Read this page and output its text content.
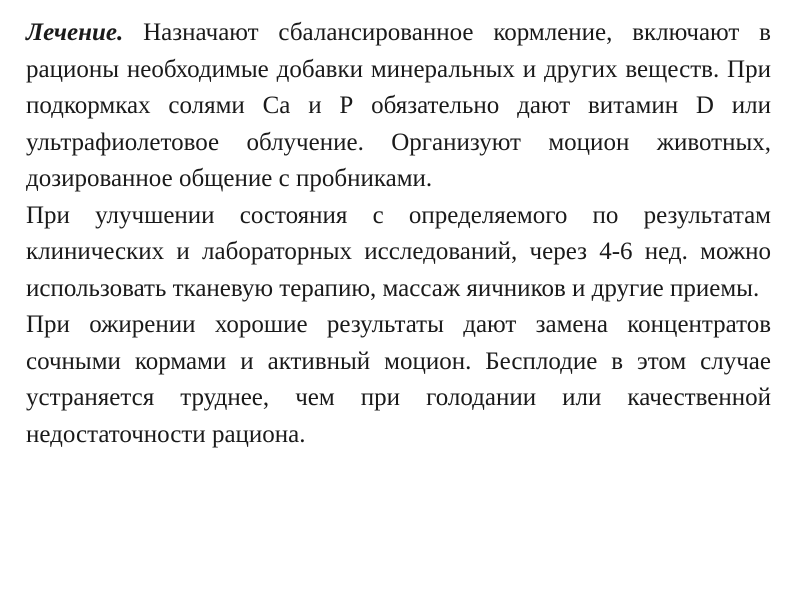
Лечение. Назначают сбалансированное кормление, включают в рационы необходимые добавки минеральных и других веществ. При подкормках солями Са и Р обязательно дают витамин D или ультрафиолетовое облучение. Организуют моцион животных, дозированное общение с пробниками.

При улучшении состояния с определяемого по результатам клинических и лабораторных исследований, через 4-6 нед. можно использовать тканевую терапию, массаж яичников и другие приемы.

При ожирении хорошие результаты дают замена концентратов сочными кормами и активный моцион. Бесплодие в этом случае устраняется труднее, чем при голодании или качественной недостаточности рациона.
